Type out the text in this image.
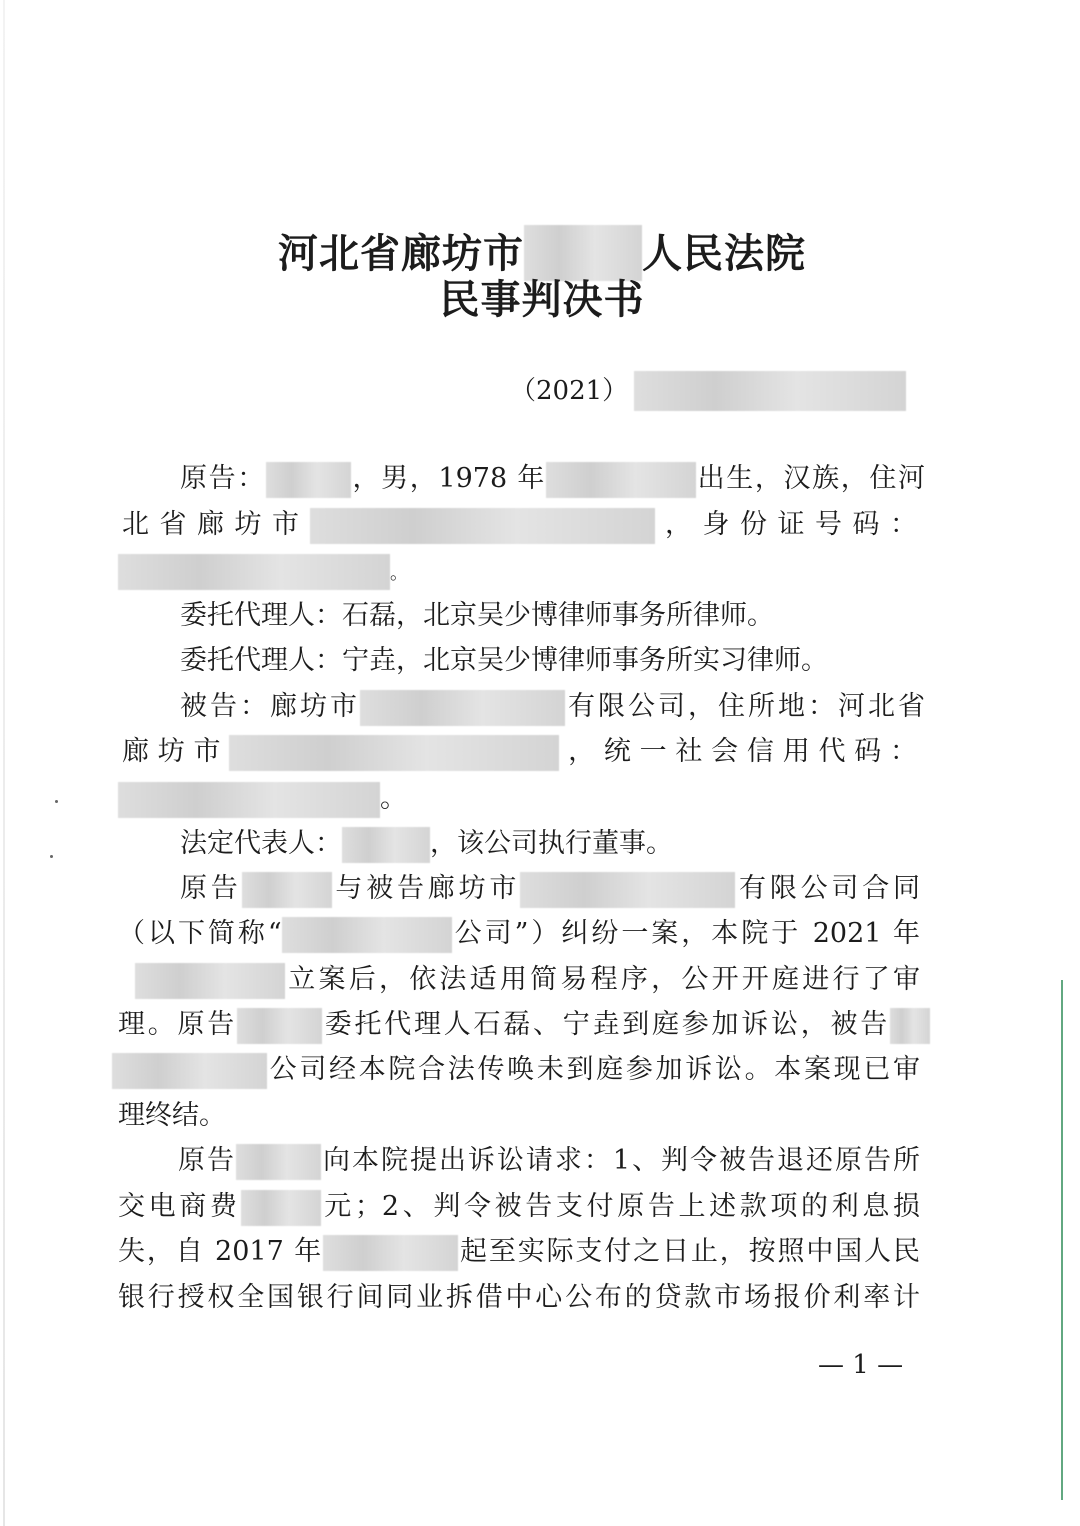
河北省廊坊市	人民法院
民事判决书
（2021）
原告：	，男，1978 年	出生，汉族，住河
北省廊坊市	，身份证号码：
。
委托代理人：石磊，北京吴少博律师事务所律师。
委托代理人：宁垚，北京吴少博律师事务所实习律师。
被告：廊坊市	有限公司，住所地：河北省
廊坊市	，统一社会信用代码：
。
法定代表人：	，该公司执行董事。
原告	与被告廊坊市	有限公司合同
（以下简称“	公司”）纠纷一案，本院于 2021 年
立案后，依法适用简易程序，公开开庭进行了审
理。原告	委托代理人石磊、宁垚到庭参加诉讼，被告
公司经本院合法传唤未到庭参加诉讼。本案现已审
理终结。
原告	向本院提出诉讼请求：1、判令被告退还原告所
交电商费	元；2、判令被告支付原告上述款项的利息损
失，自 2017 年	起至实际支付之日止，按照中国人民
银行授权全国银行间同业拆借中心公布的贷款市场报价利率计
— 1 —
